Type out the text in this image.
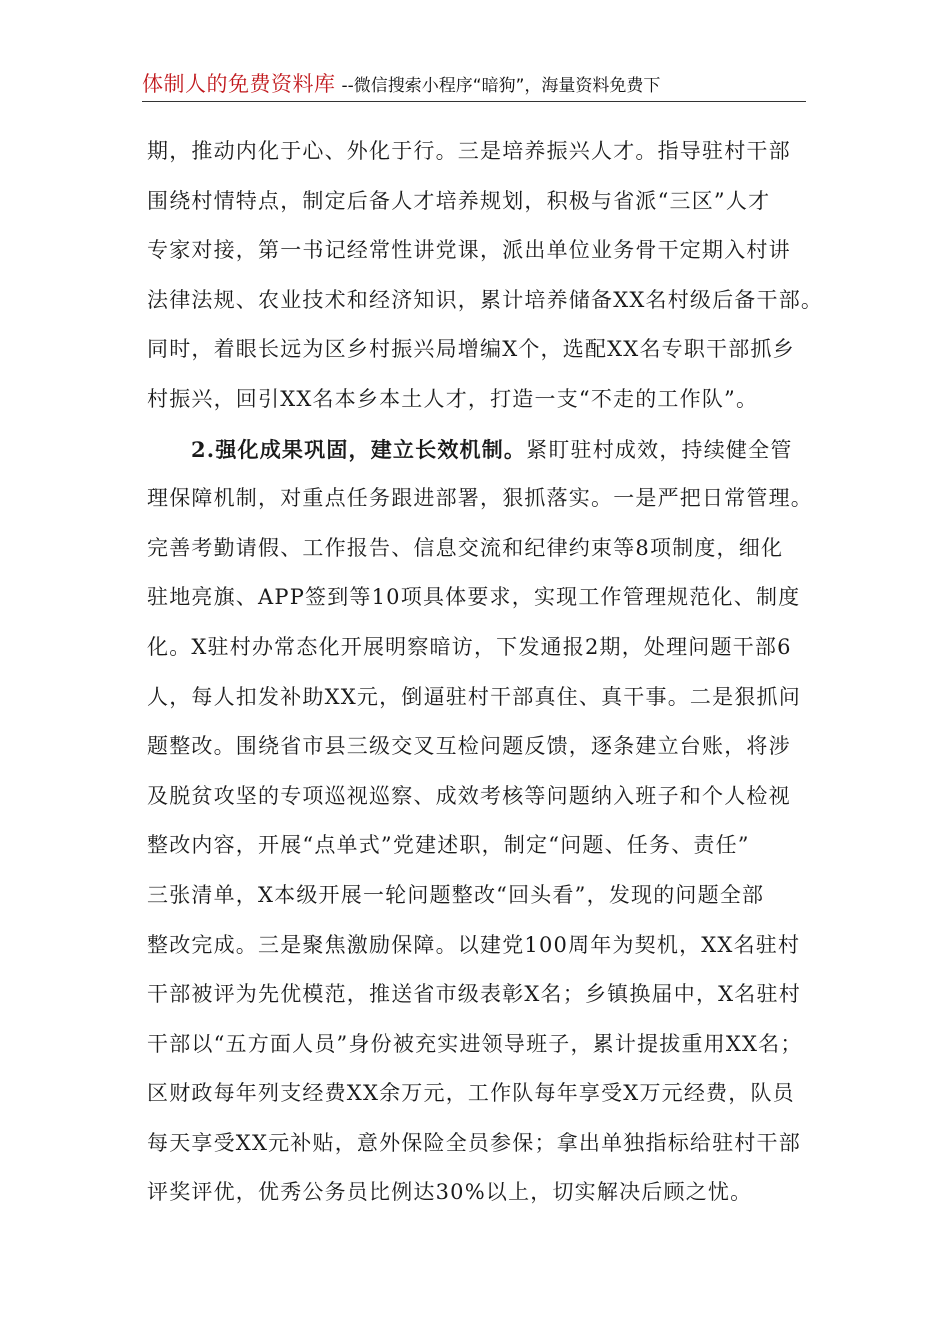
体制人的免费资料库 --微信搜索小程序“暗狗”，海量资料免费下
期，推动内化于心、外化于行。三是培养振兴人才。指导驻村干部
围绕村情特点，制定后备人才培养规划，积极与省派“三区”人才
专家对接，第一书记经常性讲党课，派出单位业务骨干定期入村讲
法律法规、农业技术和经济知识，累计培养储备XX名村级后备干部。
同时，着眼长远为区乡村振兴局增编X个，选配XX名专职干部抓乡
村振兴，回引XX名本乡本土人才，打造一支“不走的工作队”。
2.强化成果巩固，建立长效机制。紧盯驻村成效，持续健全管
理保障机制，对重点任务跟进部署，狠抓落实。一是严把日常管理。
完善考勤请假、工作报告、信息交流和纪律约束等8项制度，细化
驻地亮旗、APP签到等10项具体要求，实现工作管理规范化、制度
化。X驻村办常态化开展明察暗访，下发通报2期，处理问题干部6
人，每人扣发补助XX元，倒逼驻村干部真住、真干事。二是狠抓问
题整改。围绕省市县三级交叉互检问题反馈，逐条建立台账，将涉
及脱贫攻坚的专项巡视巡察、成效考核等问题纳入班子和个人检视
整改内容，开展“点单式”党建述职，制定“问题、任务、责任”
三张清单，X本级开展一轮问题整改“回头看”，发现的问题全部
整改完成。三是聚焦激励保障。以建党100周年为契机，XX名驻村
干部被评为先优模范，推送省市级表彰X名；乡镇换届中，X名驻村
干部以“五方面人员”身份被充实进领导班子，累计提拔重用XX名；
区财政每年列支经费XX余万元，工作队每年享受X万元经费，队员
每天享受XX元补贴，意外保险全员参保；拿出单独指标给驻村干部
评奖评优，优秀公务员比例达30%以上，切实解决后顾之忧。
